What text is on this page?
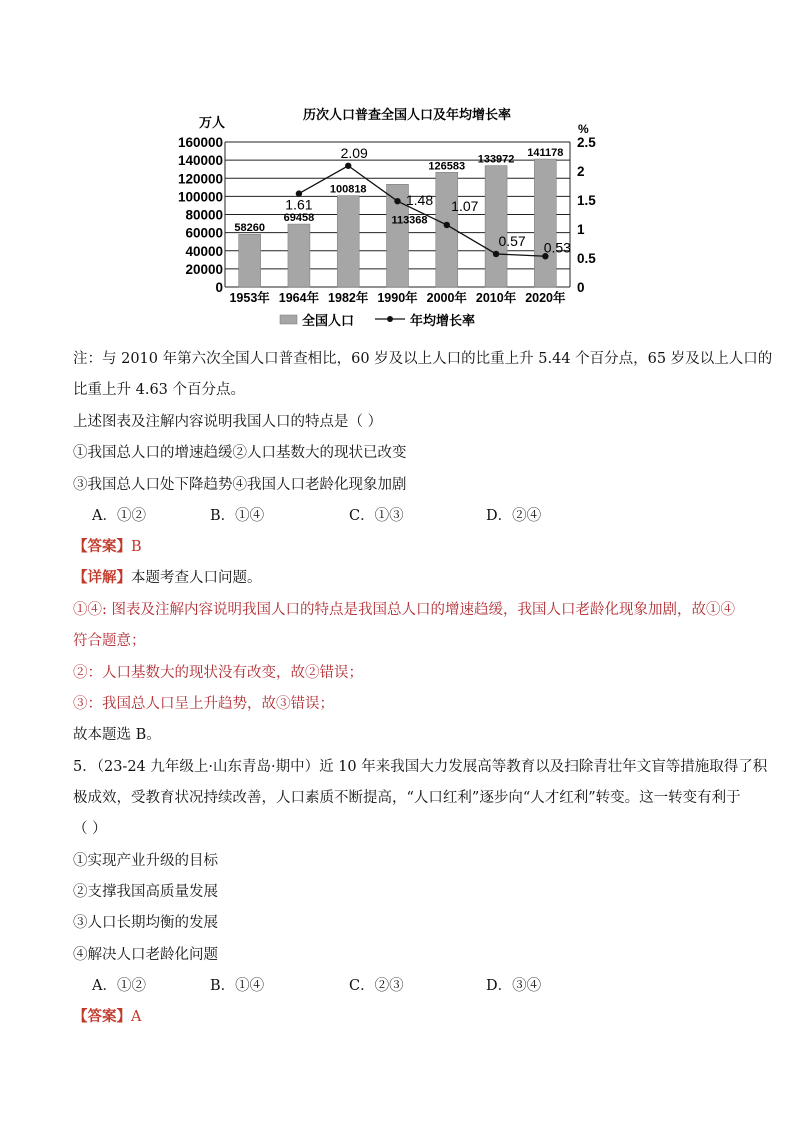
历次人口普查全国人口及年均增长率
万人	%
0
20000
40000
60000
80000
100000
120000
140000
160000
0
0.5
1
1.5
2
2.5
58260
69458
100818
113368
126583
133972
141178
1953年 1964年 1982年 1990年 2000年 2010年 2020年
1.61
2.09
1.48 1.07
0.57 0.53
全国人口	年均增长率
注：与 2010 年第六次全国人口普查相比，60 岁及以上人口的比重上升 5.44 个百分点，65 岁及以上人口的
比重上升 4.63 个百分点。
上述图表及注解内容说明我国人口的特点是（ ）
①我国总人口的增速趋缓②人口基数大的现状已改变
③我国总人口处下降趋势④我国人口老龄化现象加剧
A．①②	B．①④	C．①③	D．②④
【答案】B
【详解】本题考查人口问题。
①④: 图表及注解内容说明我国人口的特点是我国总人口的增速趋缓，我国人口老龄化现象加剧，故①④
符合题意；
②：人口基数大的现状没有改变，故②错误；
③：我国总人口呈上升趋势，故③错误；
故本题选 B。
5．（23-24 九年级上·山东青岛·期中）近 10 年来我国大力发展高等教育以及扫除青壮年文盲等措施取得了积
极成效，受教育状况持续改善，人口素质不断提高，“人口红利”逐步向“人才红利”转变。这一转变有利于
（ ）
①实现产业升级的目标
②支撑我国高质量发展
③人口长期均衡的发展
④解决人口老龄化问题
A．①②	B．①④	C．②③	D．③④
【答案】A
